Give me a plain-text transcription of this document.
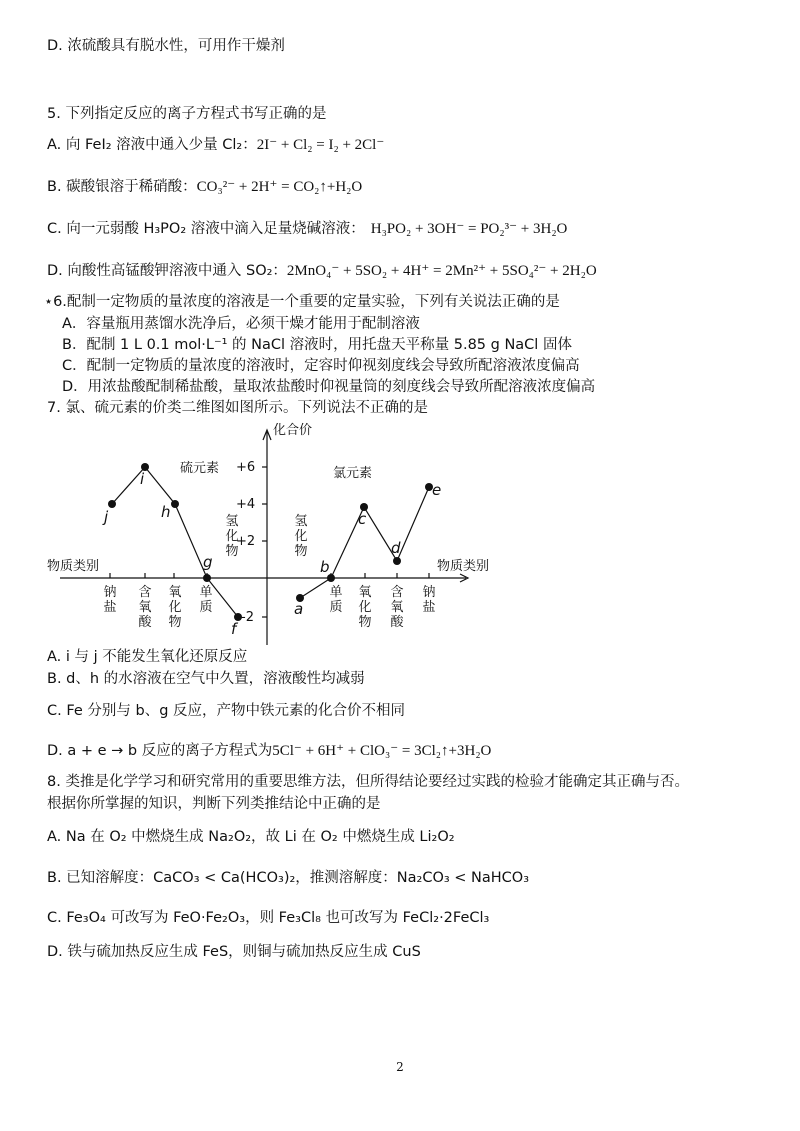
D. 浓硫酸具有脱水性，可用作干燥剂
5. 下列指定反应的离子方程式书写正确的是
A. 向 FeI₂ 溶液中通入少量 Cl₂：2I⁻ + Cl₂ = I₂ + 2Cl⁻
B. 碳酸银溶于稀硝酸：CO₃²⁻ + 2H⁺ = CO₂↑+H₂O
C. 向一元弱酸 H₃PO₂ 溶液中滴入足量烧碱溶液： H₃PO₂ + 3OH⁻ = PO₂³⁻ + 3H₂O
D. 向酸性高锰酸钾溶液中通入 SO₂：2MnO₄⁻ + 5SO₂ + 4H⁺ = 2Mn²⁺ + 5SO₄²⁻ + 2H₂O
⋆6.配制一定物质的量浓度的溶液是一个重要的定量实验，下列有关说法正确的是
A．容量瓶用蒸馏水洗净后，必须干燥才能用于配制溶液
B．配制 1 L 0.1 mol·L⁻¹ 的 NaCl 溶液时，用托盘天平称量 5.85 g NaCl 固体
C．配制一定物质的量浓度的溶液时，定容时仰视刻度线会导致所配溶液浓度偏高
D．用浓盐酸配制稀盐酸，量取浓盐酸时仰视量筒的刻度线会导致所配溶液浓度偏高
7. 氯、硫元素的价类二维图如图所示。下列说法不正确的是
化合价
物质类别	物质类别
硫元素	氯元素
+6
+4
+2
-2
j
i
h
g
f
a
b
c
d
e
钠盐
含氧酸
氧化物
单质
单质
氧化物
含氧酸
钠盐
氢化物
氢化物
A. i 与 j 不能发生氧化还原反应
B. d、h 的水溶液在空气中久置，溶液酸性均减弱
C. Fe 分别与 b、g 反应，产物中铁元素的化合价不相同
D. a + e → b 反应的离子方程式为5Cl⁻ + 6H⁺ + ClO₃⁻ = 3Cl₂↑+3H₂O
8. 类推是化学学习和研究常用的重要思维方法，但所得结论要经过实践的检验才能确定其正确与否。
根据你所掌握的知识，判断下列类推结论中正确的是
A. Na 在 O₂ 中燃烧生成 Na₂O₂，故 Li 在 O₂ 中燃烧生成 Li₂O₂
B. 已知溶解度：CaCO₃ < Ca(HCO₃)₂，推测溶解度：Na₂CO₃ < NaHCO₃
C. Fe₃O₄ 可改写为 FeO·Fe₂O₃，则 Fe₃Cl₈ 也可改写为 FeCl₂·2FeCl₃
D. 铁与硫加热反应生成 FeS，则铜与硫加热反应生成 CuS
2
